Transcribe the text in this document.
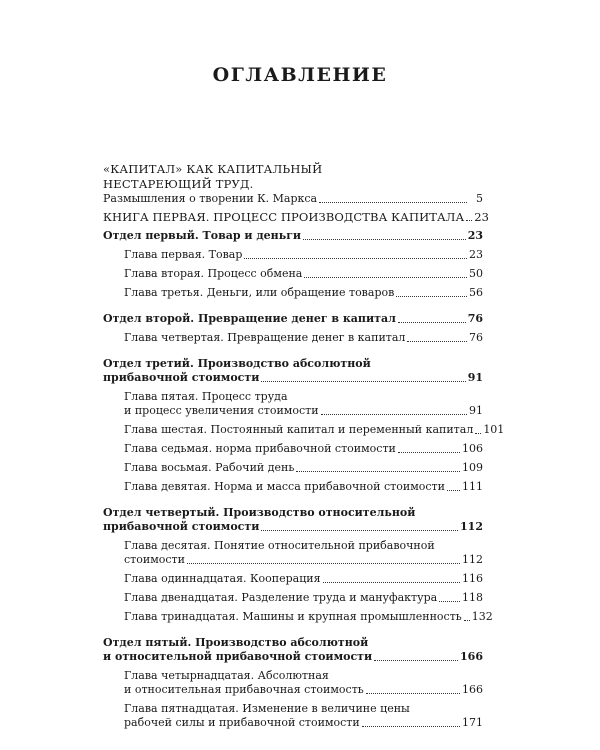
ОГЛАВЛЕНИЕ
«КАПИТАЛ» КАК КАПИТАЛЬНЫЙ
НЕСТАРЕЮЩИЙ ТРУД.
Размышления о творении К. Маркса	5
КНИГА ПЕРВАЯ. ПРОЦЕСС ПРОИЗВОДСТВА КАПИТАЛА 23
Отдел первый. Товар и деньги	23
Глава первая. Товар	23
Глава вторая. Процесс обмена	50
Глава третья. Деньги, или обращение товаров	56
Отдел второй. Превращение денег в капитал	76
Глава четвертая. Превращение денег в капитал	76
Отдел третий. Производство абсолютной
прибавочной стоимости	91
Глава пятая. Процесс труда
и процесс увеличения стоимости	91
Глава шестая. Постоянный капитал и переменный капитал 101
Глава седьмая. норма прибавочной стоимости	106
Глава восьмая. Рабочий день	109
Глава девятая. Норма и масса прибавочной стоимости 111
Отдел четвертый. Производство относительной
прибавочной стоимости	112
Глава десятая. Понятие относительной прибавочной
стоимости	112
Глава одиннадцатая. Кооперация	116
Глава двенадцатая. Разделение труда и мануфактура 118
Глава тринадцатая. Машины и крупная промышленность 132
Отдел пятый. Производство абсолютной
и относительной прибавочной стоимости	166
Глава четырнадцатая. Абсолютная
и относительная прибавочная стоимость	166
Глава пятнадцатая. Изменение в величине цены
рабочей силы и прибавочной стоимости	171
